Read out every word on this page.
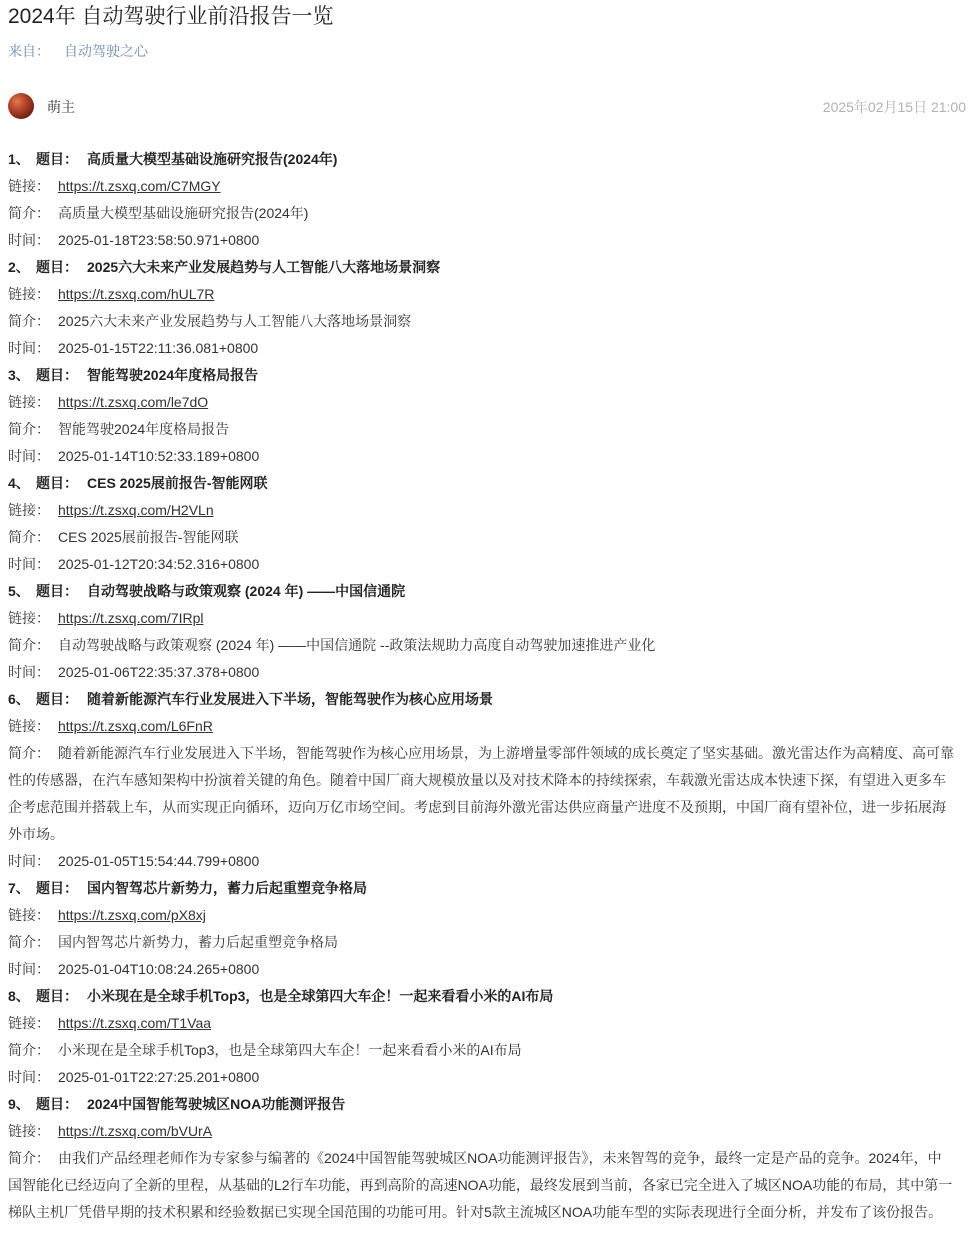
2024年 自动驾驶行业前沿报告一览
来自： 自动驾驶之心
萌主	2025年02月15日 21:00
1、 题目： 高质量大模型基础设施研究报告(2024年)
链接： https://t.zsxq.com/C7MGY
简介： 高质量大模型基础设施研究报告(2024年)
时间： 2025-01-18T23:58:50.971+0800
2、 题目： 2025六大未来产业发展趋势与人工智能八大落地场景洞察
链接： https://t.zsxq.com/hUL7R
简介： 2025六大未来产业发展趋势与人工智能八大落地场景洞察
时间： 2025-01-15T22:11:36.081+0800
3、 题目： 智能驾驶2024年度格局报告
链接： https://t.zsxq.com/le7dO
简介： 智能驾驶2024年度格局报告
时间： 2025-01-14T10:52:33.189+0800
4、 题目： CES 2025展前报告-智能网联
链接： https://t.zsxq.com/H2VLn
简介： CES 2025展前报告-智能网联
时间： 2025-01-12T20:34:52.316+0800
5、 题目： 自动驾驶战略与政策观察 (2024 年) ——中国信通院
链接： https://t.zsxq.com/7IRpl
简介： 自动驾驶战略与政策观察 (2024 年) ——中国信通院 --政策法规助力高度自动驾驶加速推进产业化
时间： 2025-01-06T22:35:37.378+0800
6、 题目： 随着新能源汽车行业发展进入下半场，智能驾驶作为核心应用场景
链接： https://t.zsxq.com/L6FnR
简介： 随着新能源汽车行业发展进入下半场，智能驾驶作为核心应用场景，为上游增量零部件领域的成长奠定了坚实基础。激光雷达作为高精度、高可靠性的传感器，在汽车感知架构中扮演着关键的角色。随着中国厂商大规模放量以及对技术降本的持续探索，车载激光雷达成本快速下探，有望进入更多车企考虑范围并搭载上车，从而实现正向循环，迈向万亿市场空间。考虑到目前海外激光雷达供应商量产进度不及预期，中国厂商有望补位，进一步拓展海外市场。
时间： 2025-01-05T15:54:44.799+0800
7、 题目： 国内智驾芯片新势力，蓄力后起重塑竞争格局
链接： https://t.zsxq.com/pX8xj
简介： 国内智驾芯片新势力，蓄力后起重塑竞争格局
时间： 2025-01-04T10:08:24.265+0800
8、 题目： 小米现在是全球手机Top3，也是全球第四大车企！一起来看看小米的AI布局
链接： https://t.zsxq.com/T1Vaa
简介： 小米现在是全球手机Top3，也是全球第四大车企！一起来看看小米的AI布局
时间： 2025-01-01T22:27:25.201+0800
9、 题目： 2024中国智能驾驶城区NOA功能测评报告
链接： https://t.zsxq.com/bVUrA
简介： 由我们产品经理老师作为专家参与编著的《2024中国智能驾驶城区NOA功能测评报告》，未来智驾的竞争，最终一定是产品的竞争。2024年，中国智能化已经迈向了全新的里程，从基础的L2行车功能，再到高阶的高速NOA功能，最终发展到当前，各家已完全进入了城区NOA功能的布局，其中第一梯队主机厂凭借早期的技术积累和经验数据已实现全国范围的功能可用。针对5款主流城区NOA功能车型的实际表现进行全面分析，并发布了该份报告。
